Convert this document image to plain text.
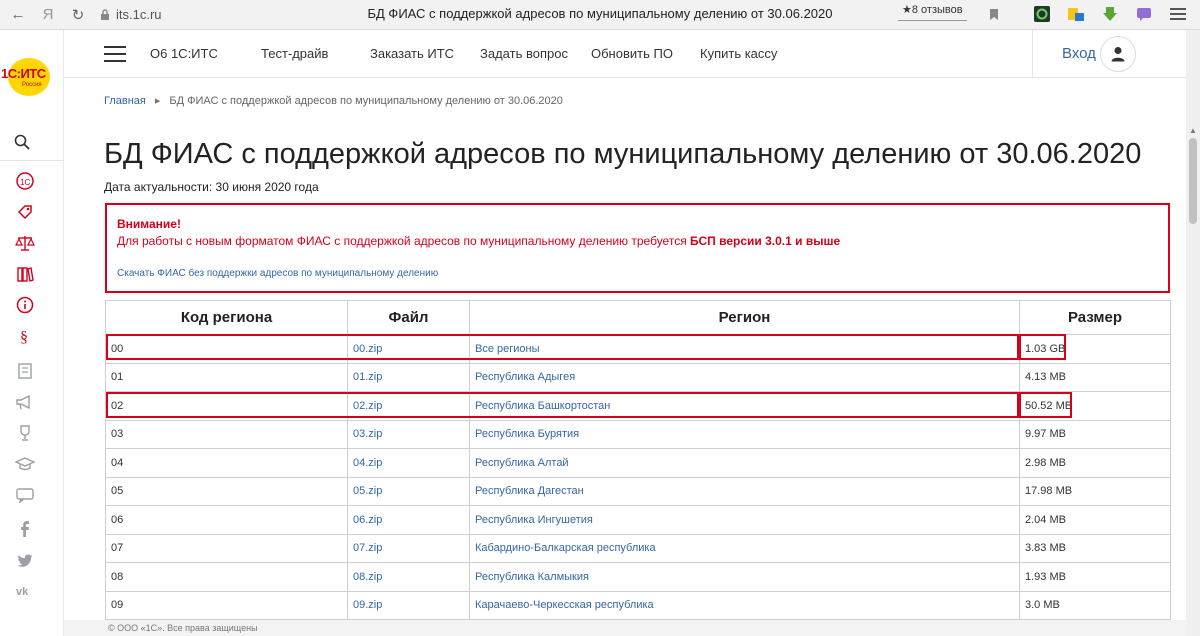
←	Я	↻	its.1c.ru	БД ФИАС с поддержкой адресов по муниципальному делению от 30.06.2020	★8 отзывов
1С:ИТС
Россия
1C
§
vk
О6 1С:ИТС	Тест-драйв	Заказать ИТС Задать вопрос Обновить ПО Купить кассу	Вход
▲
Главная ▸ БД ФИАС с поддержкой адресов по муниципальному делению от 30.06.2020
БД ФИАС с поддержкой адресов по муниципальному делению от 30.06.2020
Дата актуальности: 30 июня 2020 года
Внимание!
Для работы с новым форматом ФИАС с поддержкой адресов по муниципальному делению требуется БСП версии 3.0.1 и выше
Скачать ФИАС без поддержки адресов по муниципальному делению
Код региона	Файл	Регион	Размер
00	00.zip	Все регионы	1.03 GB
01	01.zip	Республика Адыгея	4.13 MB
02	02.zip	Республика Башкортостан	50.52 MB
03	03.zip	Республика Бурятия	9.97 MB
04	04.zip	Республика Алтай	2.98 MB
05	05.zip	Республика Дагестан	17.98 MB
06	06.zip	Республика Ингушетия	2.04 MB
07	07.zip	Кабардино-Балкарская республика	3.83 MB
08	08.zip	Республика Калмыкия	1.93 MB
09	09.zip	Карачаево-Черкесская республика	3.0 MB
© ООО «1С». Все права защищены
